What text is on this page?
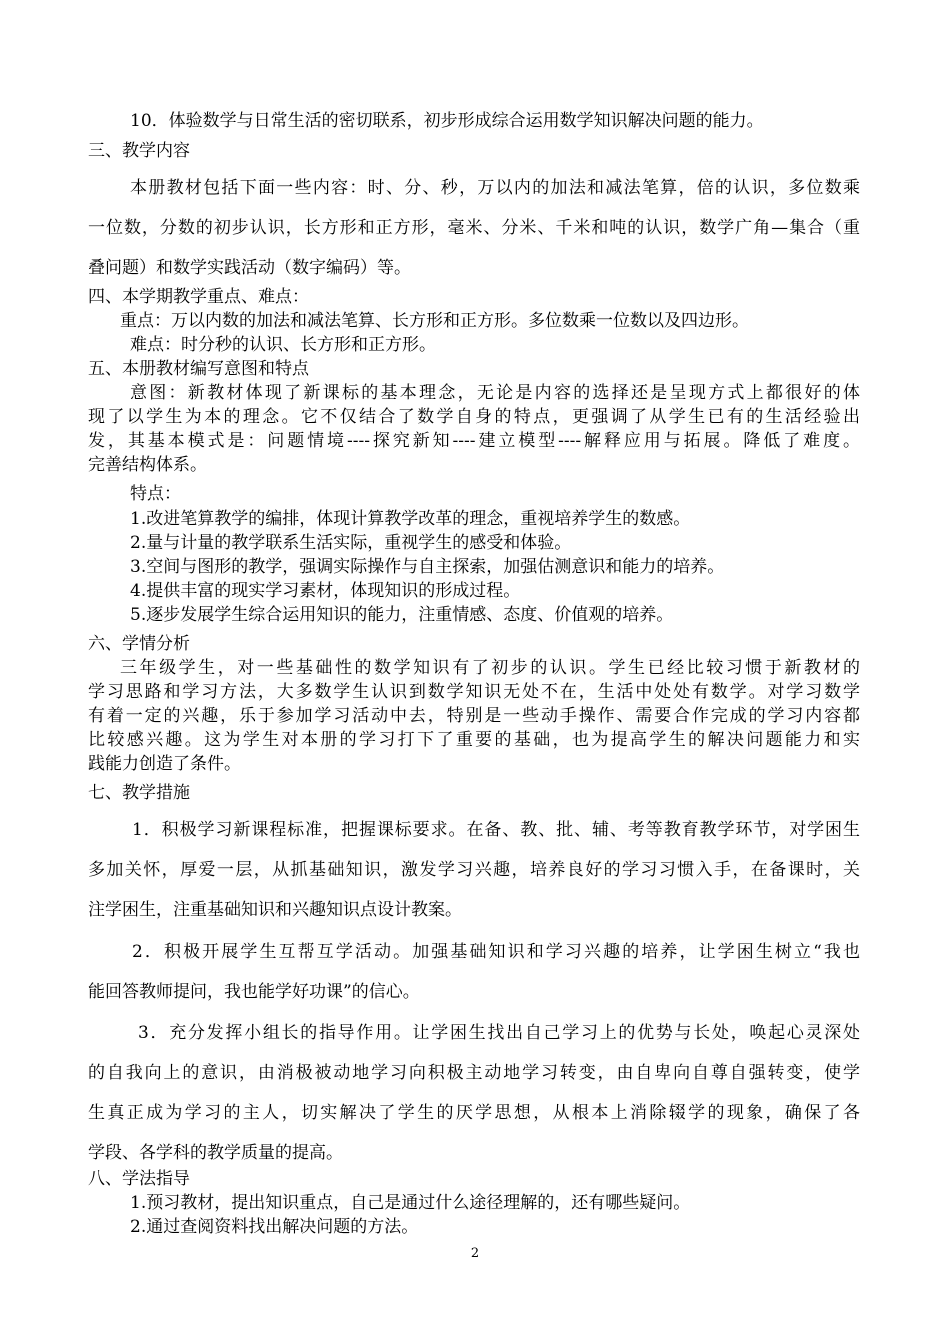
10．体验数学与日常生活的密切联系，初步形成综合运用数学知识解决问题的能力。
三、教学内容
本册教材包括下面一些内容：时、分、秒，万以内的加法和减法笔算，倍的认识，多位数乘
一位数，分数的初步认识，长方形和正方形，毫米、分米、千米和吨的认识，数学广角—集合（重
叠问题）和数学实践活动（数字编码）等。
四、本学期教学重点、难点：
重点：万以内数的加法和减法笔算、长方形和正方形。多位数乘一位数以及四边形。
难点：时分秒的认识、长方形和正方形。
五、本册教材编写意图和特点
意图：新教材体现了新课标的基本理念，无论是内容的选择还是呈现方式上都很好的体
现了以学生为本的理念。它不仅结合了数学自身的特点，更强调了从学生已有的生活经验出
发，其基本模式是：问题情境----探究新知----建立模型----解释应用与拓展。降低了难度。
完善结构体系。
特点：
1.改进笔算教学的编排，体现计算教学改革的理念，重视培养学生的数感。
2.量与计量的教学联系生活实际，重视学生的感受和体验。
3.空间与图形的教学，强调实际操作与自主探索，加强估测意识和能力的培养。
4.提供丰富的现实学习素材，体现知识的形成过程。
5.逐步发展学生综合运用知识的能力，注重情感、态度、价值观的培养。
六、学情分析
三年级学生，对一些基础性的数学知识有了初步的认识。学生已经比较习惯于新教材的
学习思路和学习方法，大多数学生认识到数学知识无处不在，生活中处处有数学。对学习数学
有着一定的兴趣，乐于参加学习活动中去，特别是一些动手操作、需要合作完成的学习内容都
比较感兴趣。这为学生对本册的学习打下了重要的基础，也为提高学生的解决问题能力和实
践能力创造了条件。
七、教学措施
1．积极学习新课程标准，把握课标要求。在备、教、批、辅、考等教育教学环节，对学困生
多加关怀，厚爱一层，从抓基础知识，激发学习兴趣，培养良好的学习习惯入手，在备课时，关
注学困生，注重基础知识和兴趣知识点设计教案。
2．积极开展学生互帮互学活动。加强基础知识和学习兴趣的培养，让学困生树立“我也
能回答教师提问，我也能学好功课”的信心。
3．充分发挥小组长的指导作用。让学困生找出自己学习上的优势与长处，唤起心灵深处
的自我向上的意识，由消极被动地学习向积极主动地学习转变，由自卑向自尊自强转变，使学
生真正成为学习的主人，切实解决了学生的厌学思想，从根本上消除辍学的现象，确保了各
学段、各学科的教学质量的提高。
八、学法指导
1.预习教材，提出知识重点，自己是通过什么途径理解的，还有哪些疑问。
2.通过查阅资料找出解决问题的方法。
2
